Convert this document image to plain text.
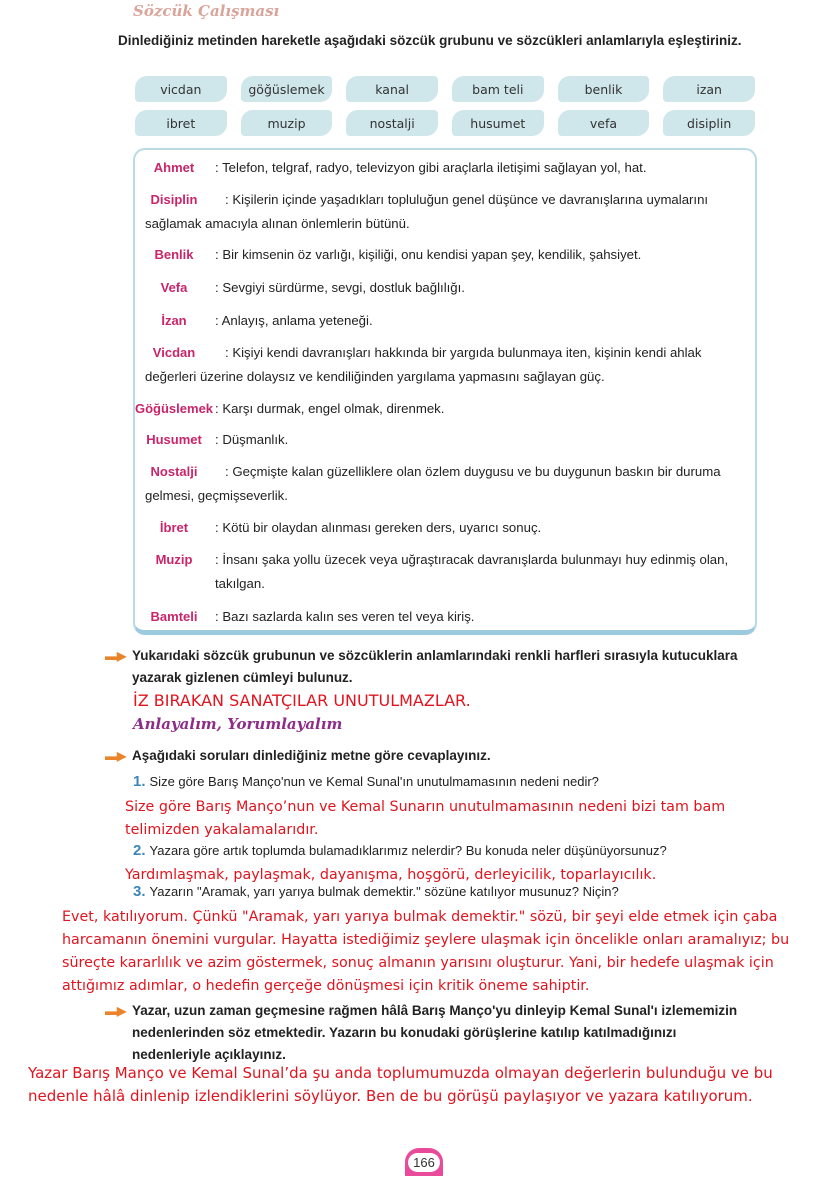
Sözcük Çalışması
Dinlediğiniz metinden hareketle aşağıdaki sözcük grubunu ve sözcükleri anlamlarıyla eşleştiriniz.
vicdan	göğüslemek	kanal	bam teli	benlik	izan
ibret	muzip	nostalji	husumet	vefa	disiplin
Ahmet	: Telefon, telgraf, radyo, televizyon gibi araçlarla iletişimi sağlayan yol, hat.
Disiplin	: Kişilerin içinde yaşadıkları topluluğun genel düşünce ve davranışlarına uymalarını sağlamak amacıyla alınan önlemlerin bütünü.
Benlik	: Bir kimsenin öz varlığı, kişiliği, onu kendisi yapan şey, kendilik, şahsiyet.
Vefa	: Sevgiyi sürdürme, sevgi, dostluk bağlılığı.
İzan	: Anlayış, anlama yeteneği.
Vicdan	: Kişiyi kendi davranışları hakkında bir yargıda bulunmaya iten, kişinin kendi ahlak değerleri üzerine dolaysız ve kendiliğinden yargılama yapmasını sağlayan güç.
Göğüslemek : Karşı durmak, engel olmak, direnmek.
Husumet : Düşmanlık.
Nostalji	: Geçmişte kalan güzelliklere olan özlem duygusu ve bu duygunun baskın bir duruma gelmesi, geçmişseverlik.
İbret	: Kötü bir olaydan alınması gereken ders, uyarıcı sonuç.
Muzip	: İnsanı şaka yollu üzecek veya uğraştıracak davranışlarda bulunmayı huy edinmiş olan, takılgan.
Bamteli	: Bazı sazlarda kalın ses veren tel veya kiriş.
▬▶ Yukarıdaki sözcük grubunun ve sözcüklerin anlamlarındaki renkli harfleri sırasıyla kutucuklara yazarak gizlenen cümleyi bulunuz.
İZ BIRAKAN SANATÇILAR UNUTULMAZLAR.
Anlayalım, Yorumlayalım
▬▶ Aşağıdaki soruları dinlediğiniz metne göre cevaplayınız.
1. Size göre Barış Manço'nun ve Kemal Sunal'ın unutulmamasının nedeni nedir?
Size göre Barış Manço’nun ve Kemal Sunarın unutulmamasının nedeni bizi tam bam telimizden yakalamalarıdır.
2. Yazara göre artık toplumda bulamadıklarımız nelerdir? Bu konuda neler düşünüyorsunuz?
Yardımlaşmak, paylaşmak, dayanışma, hoşgörü, derleyicilik, toparlayıcılık.
3. Yazarın "Aramak, yarı yarıya bulmak demektir." sözüne katılıyor musunuz? Niçin?
Evet, katılıyorum. Çünkü "Aramak, yarı yarıya bulmak demektir." sözü, bir şeyi elde etmek için çaba harcamanın önemini vurgular. Hayatta istediğimiz şeylere ulaşmak için öncelikle onları aramalıyız; bu süreçte kararlılık ve azim göstermek, sonuç almanın yarısını oluşturur. Yani, bir hedefe ulaşmak için attığımız adımlar, o hedefin gerçeğe dönüşmesi için kritik öneme sahiptir.
▬▶ Yazar, uzun zaman geçmesine rağmen hâlâ Barış Manço'yu dinleyip Kemal Sunal'ı izlememizin nedenlerinden söz etmektedir. Yazarın bu konudaki görüşlerine katılıp katılmadığınızı nedenleriyle açıklayınız.
Yazar Barış Manço ve Kemal Sunal’da şu anda toplumumuzda olmayan değerlerin bulunduğu ve bu nedenle hâlâ dinlenip izlendiklerini söylüyor. Ben de bu görüşü paylaşıyor ve yazara katılıyorum.
166
